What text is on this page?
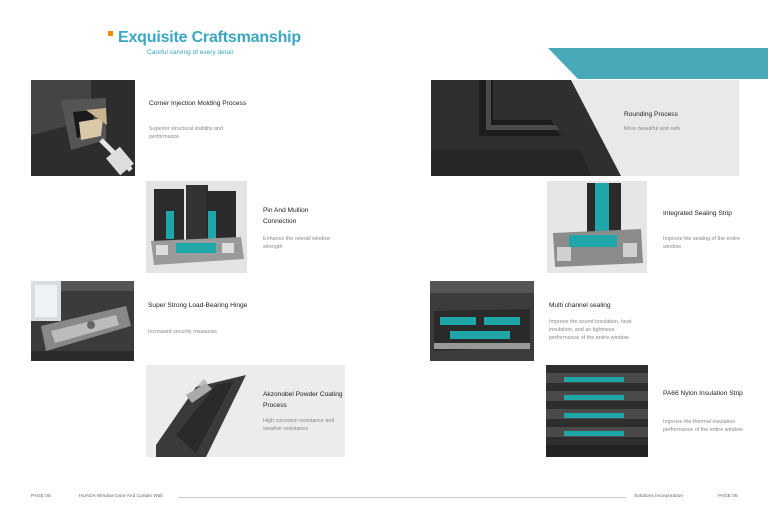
Exquisite Craftsmanship
Careful carving of every detail
Corner Injection Molding Process
Superior structural stability and performance
Pin And Mullion Connection
Enhance the overall window strength
Super Strong Load-Bearing Hinge
Increased security measures
Akzonobel Powder Coating Process
High corrosion resistance and weather resistance
Rounding Process
More beautiful and safe
Integrated Sealing Strip
Improve the sealing of the entire window
Multi channel sealing
Improve the sound insulation, heat insulation, and air tightness performance of the entire window
PA66 Nylon Insulation Strip
Improve the thermal insulation performance of the entire window
PAGE 05	HUADA Window Door And Curtain Wall	Solutions Incorporation	PAGE 06
